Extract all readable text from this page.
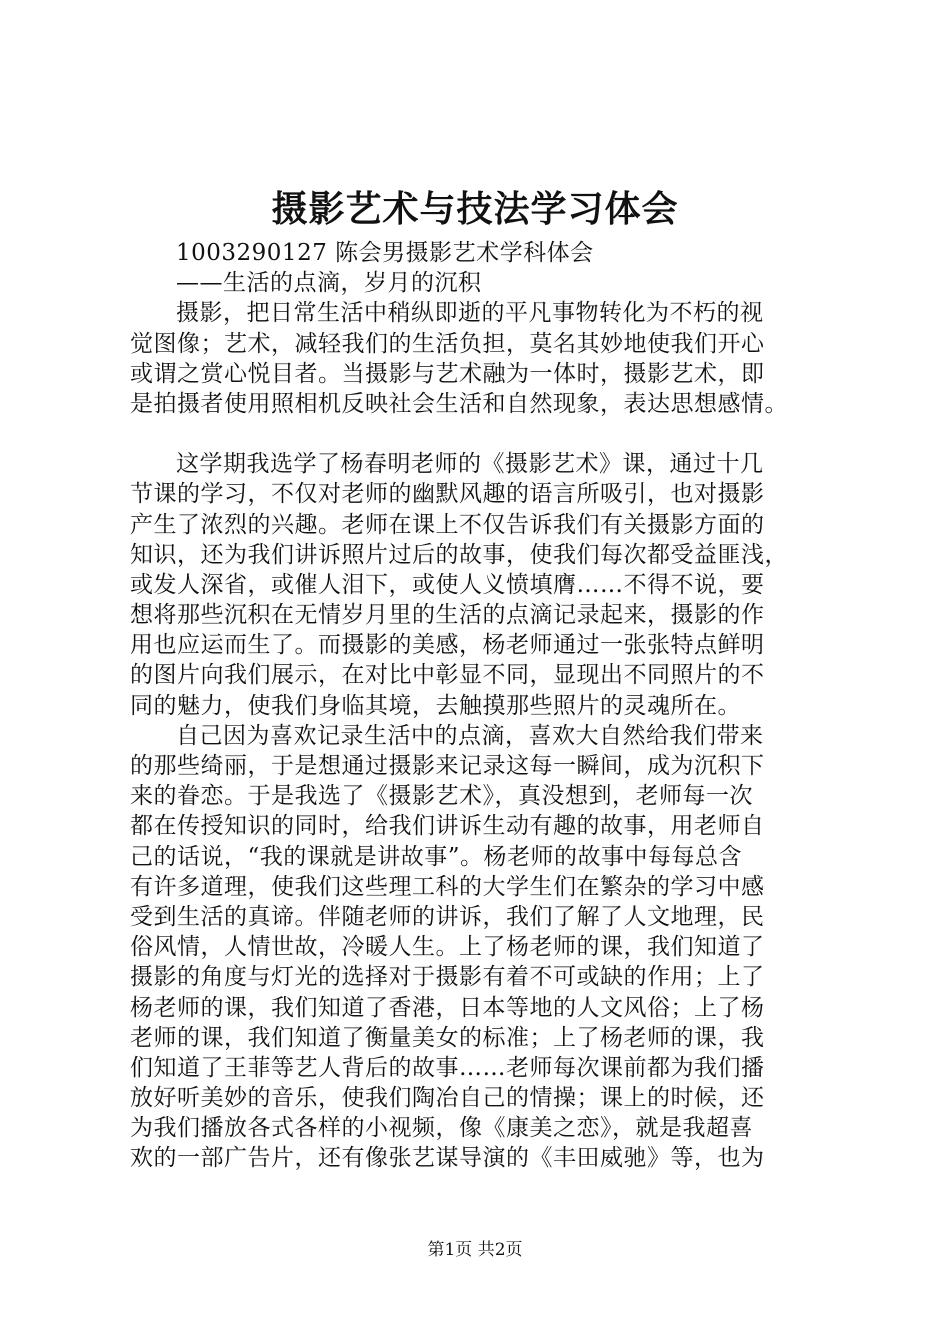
摄影艺术与技法学习体会
1003290127 陈会男摄影艺术学科体会
——生活的点滴，岁月的沉积
摄影，把日常生活中稍纵即逝的平凡事物转化为不朽的视
觉图像；艺术，减轻我们的生活负担，莫名其妙地使我们开心
或谓之赏心悦目者。当摄影与艺术融为一体时，摄影艺术，即
是拍摄者使用照相机反映社会生活和自然现象，表达思想感情。
这学期我选学了杨春明老师的《摄影艺术》课，通过十几
节课的学习，不仅对老师的幽默风趣的语言所吸引，也对摄影
产生了浓烈的兴趣。老师在课上不仅告诉我们有关摄影方面的
知识，还为我们讲诉照片过后的故事，使我们每次都受益匪浅，
或发人深省，或催人泪下，或使人义愤填膺……不得不说，要
想将那些沉积在无情岁月里的生活的点滴记录起来，摄影的作
用也应运而生了。而摄影的美感，杨老师通过一张张特点鲜明
的图片向我们展示，在对比中彰显不同，显现出不同照片的不
同的魅力，使我们身临其境，去触摸那些照片的灵魂所在。
自己因为喜欢记录生活中的点滴，喜欢大自然给我们带来
的那些绮丽，于是想通过摄影来记录这每一瞬间，成为沉积下
来的眷恋。于是我选了《摄影艺术》，真没想到，老师每一次
都在传授知识的同时，给我们讲诉生动有趣的故事，用老师自
己的话说，“我的课就是讲故事”。杨老师的故事中每每总含
有许多道理，使我们这些理工科的大学生们在繁杂的学习中感
受到生活的真谛。伴随老师的讲诉，我们了解了人文地理，民
俗风情，人情世故，冷暖人生。上了杨老师的课，我们知道了
摄影的角度与灯光的选择对于摄影有着不可或缺的作用；上了
杨老师的课，我们知道了香港，日本等地的人文风俗；上了杨
老师的课，我们知道了衡量美女的标准；上了杨老师的课，我
们知道了王菲等艺人背后的故事……老师每次课前都为我们播
放好听美妙的音乐，使我们陶冶自己的情操；课上的时候，还
为我们播放各式各样的小视频，像《康美之恋》，就是我超喜
欢的一部广告片，还有像张艺谋导演的《丰田威驰》等，也为
第1页 共2页
